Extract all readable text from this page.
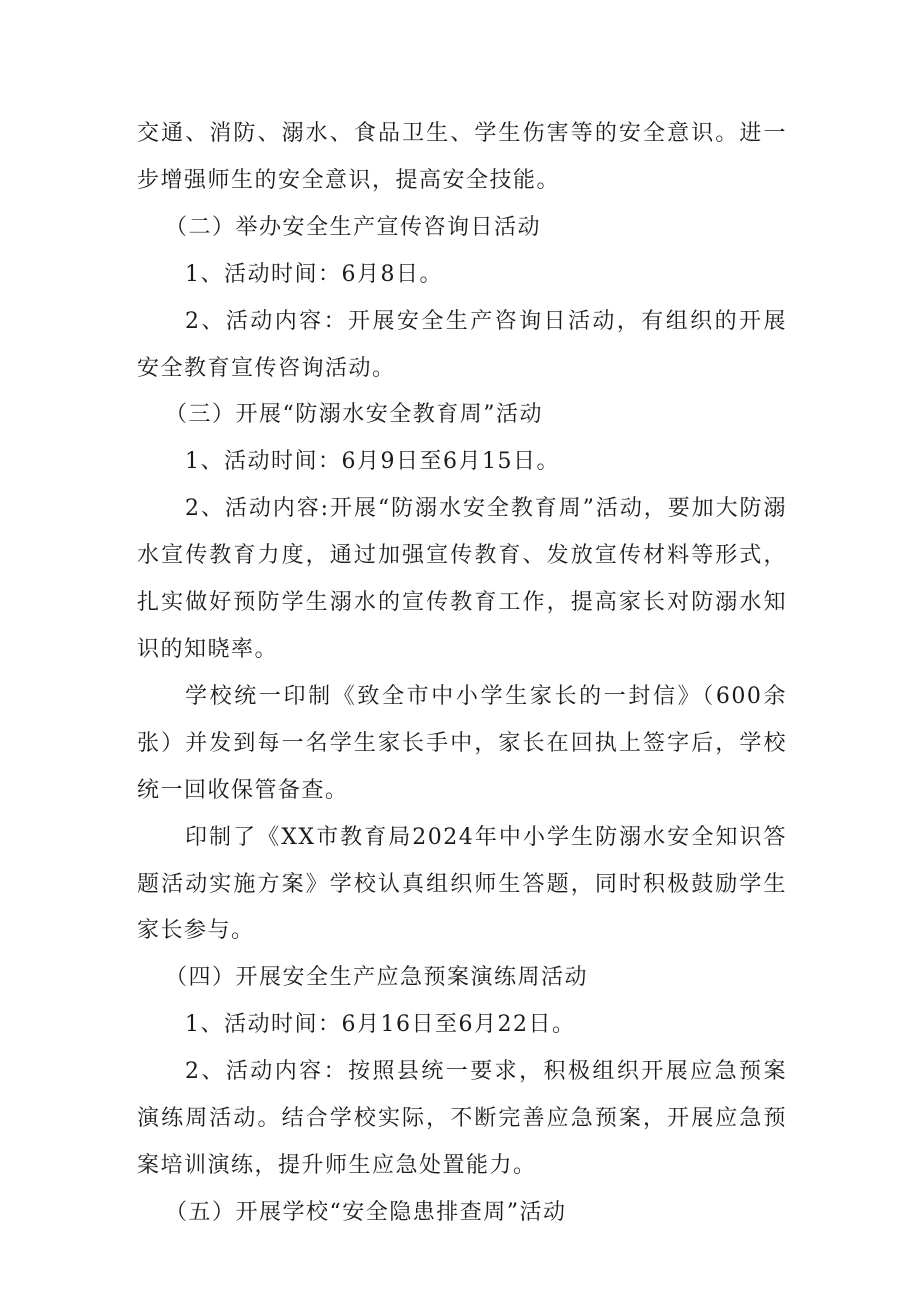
交通、消防、溺水、食品卫生、学生伤害等的安全意识。进一步增强师生的安全意识，提高安全技能。

（二）举办安全生产宣传咨询日活动

1、活动时间：6月8日。

2、活动内容：开展安全生产咨询日活动，有组织的开展安全教育宣传咨询活动。

（三）开展“防溺水安全教育周”活动

1、活动时间：6月9日至6月15日。

2、活动内容:开展“防溺水安全教育周”活动，要加大防溺水宣传教育力度，通过加强宣传教育、发放宣传材料等形式，扎实做好预防学生溺水的宣传教育工作，提高家长对防溺水知识的知晓率。

学校统一印制《致全市中小学生家长的一封信》（600余张）并发到每一名学生家长手中，家长在回执上签字后，学校统一回收保管备查。

印制了《XX市教育局2024年中小学生防溺水安全知识答题活动实施方案》学校认真组织师生答题，同时积极鼓励学生家长参与。

（四）开展安全生产应急预案演练周活动

1、活动时间：6月16日至6月22日。

2、活动内容：按照县统一要求，积极组织开展应急预案演练周活动。结合学校实际，不断完善应急预案，开展应急预案培训演练，提升师生应急处置能力。

（五）开展学校“安全隐患排查周”活动
